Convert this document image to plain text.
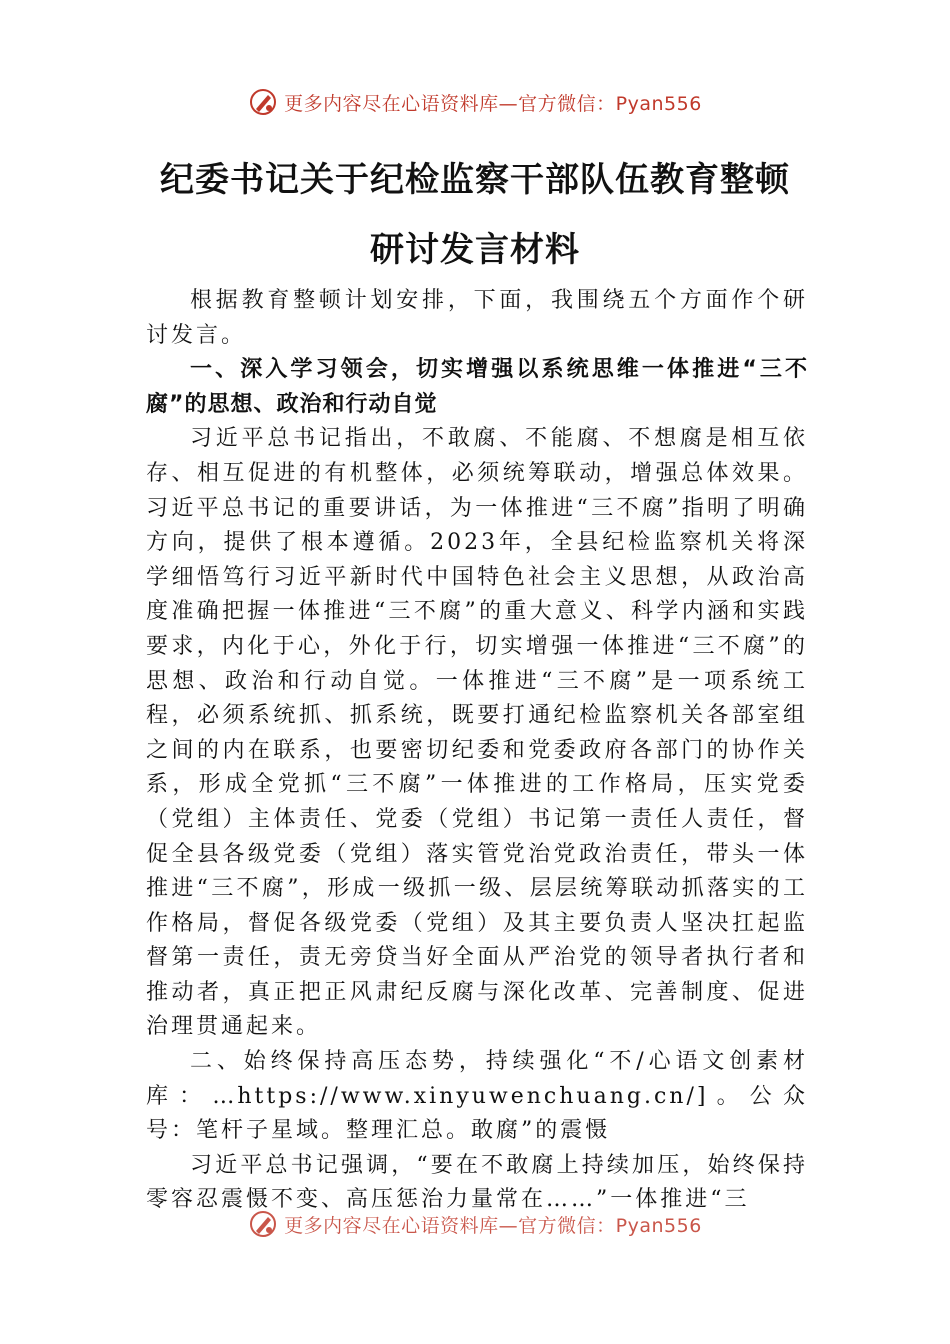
更多内容尽在心语资料库—官方微信：Pyan556
纪委书记关于纪检监察干部队伍教育整顿
研讨发言材料

根据教育整顿计划安排，下面，我围绕五个方面作个研讨发言。

一、深入学习领会，切实增强以系统思维一体推进“三不腐”的思想、政治和行动自觉

习近平总书记指出，不敢腐、不能腐、不想腐是相互依存、相互促进的有机整体，必须统筹联动，增强总体效果。习近平总书记的重要讲话，为一体推进“三不腐”指明了明确方向，提供了根本遵循。2023年，全县纪检监察机关将深学细悟笃行习近平新时代中国特色社会主义思想，从政治高度准确把握一体推进“三不腐”的重大意义、科学内涵和实践要求，内化于心，外化于行，切实增强一体推进“三不腐”的思想、政治和行动自觉。一体推进“三不腐”是一项系统工程，必须系统抓、抓系统，既要打通纪检监察机关各部室组之间的内在联系，也要密切纪委和党委政府各部门的协作关系，形成全党抓“三不腐”一体推进的工作格局，压实党委（党组）主体责任、党委（党组）书记第一责任人责任，督促全县各级党委（党组）落实管党治党政治责任，带头一体推进“三不腐”，形成一级抓一级、层层统筹联动抓落实的工作格局，督促各级党委（党组）及其主要负责人坚决扛起监督第一责任，责无旁贷当好全面从严治党的领导者执行者和推动者，真正把正风肃纪反腐与深化改革、完善制度、促进治理贯通起来。

二、始终保持高压态势，持续强化“不/心语文创素材库：…https://www.xinyuwenchuang.cn/]。公众号：笔杆子星域。整理汇总。敢腐”的震慑

习近平总书记强调，“要在不敢腐上持续加压，始终保持零容忍震慑不变、高压惩治力量常在……”一体推进“三

更多内容尽在心语资料库—官方微信：Pyan556
